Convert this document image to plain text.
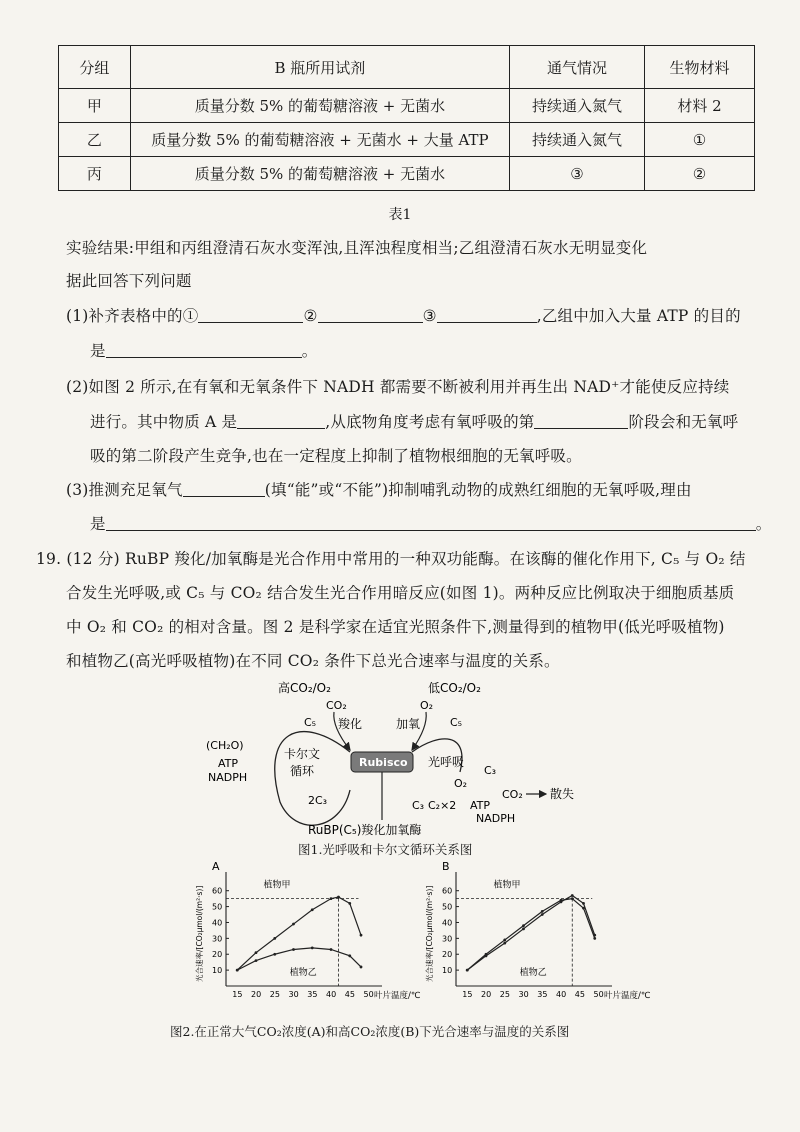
分组	B 瓶所用试剂	通气情况	生物材料
甲	质量分数 5% 的葡萄糖溶液 + 无菌水	持续通入氮气	材料 2
乙	质量分数 5% 的葡萄糖溶液 + 无菌水 + 大量 ATP	持续通入氮气	①
丙	质量分数 5% 的葡萄糖溶液 + 无菌水	③	②
表1
实验结果:甲组和丙组澄清石灰水变浑浊,且浑浊程度相当;乙组澄清石灰水无明显变化
据此回答下列问题
(1)补齐表格中的①	②	③	,乙组中加入大量 ATP 的目的
是	。
(2)如图 2 所示,在有氧和无氧条件下 NADH 都需要不断被利用并再生出 NAD⁺才能使反应持续
进行。其中物质 A 是	,从底物角度考虑有氧呼吸的第	阶段会和无氧呼
吸的第二阶段产生竞争,也在一定程度上抑制了植物根细胞的无氧呼吸。
(3)推测充足氧气	(填“能”或“不能”)抑制哺乳动物的成熟红细胞的无氧呼吸,理由
是	。
19. (12 分) RuBP 羧化/加氧酶是光合作用中常用的一种双功能酶。在该酶的催化作用下, C₅ 与 O₂ 结
合发生光呼吸,或 C₅ 与 CO₂ 结合发生光合作用暗反应(如图 1)。两种反应比例取决于细胞质基质
中 O₂ 和 CO₂ 的相对含量。图 2 是科学家在适宜光照条件下,测量得到的植物甲(低光呼吸植物)
和植物乙(高光呼吸植物)在不同 CO₂ 条件下总光合速率与温度的关系。
高CO₂/O₂	低CO₂/O₂
CO₂	O₂
C₅	C₅
羧化	加氧
(CH₂O)
ATP
NADPH
卡尔文
循环
Rubisco 光呼吸
2C₃	C₃ C₂×2 ATP
NADPH
O₂
C₃
CO₂ 散失
RuBP(C₅)羧化加氧酶
图1.光呼吸和卡尔文循环关系图
A
10
20
30
40
50
60
15 20 25 30 35 40 45 50 叶片温度/℃
光合速率/[CO₂μmol/(m²·s)]
植物甲
植物乙
B
10
20
30
40
50
60
15 20 25 30 35 40 45 50 叶片温度/℃
光合速率/[CO₂μmol/(m²·s)]
植物甲
植物乙
图2.在正常大气CO₂浓度(A)和高CO₂浓度(B)下光合速率与温度的关系图
